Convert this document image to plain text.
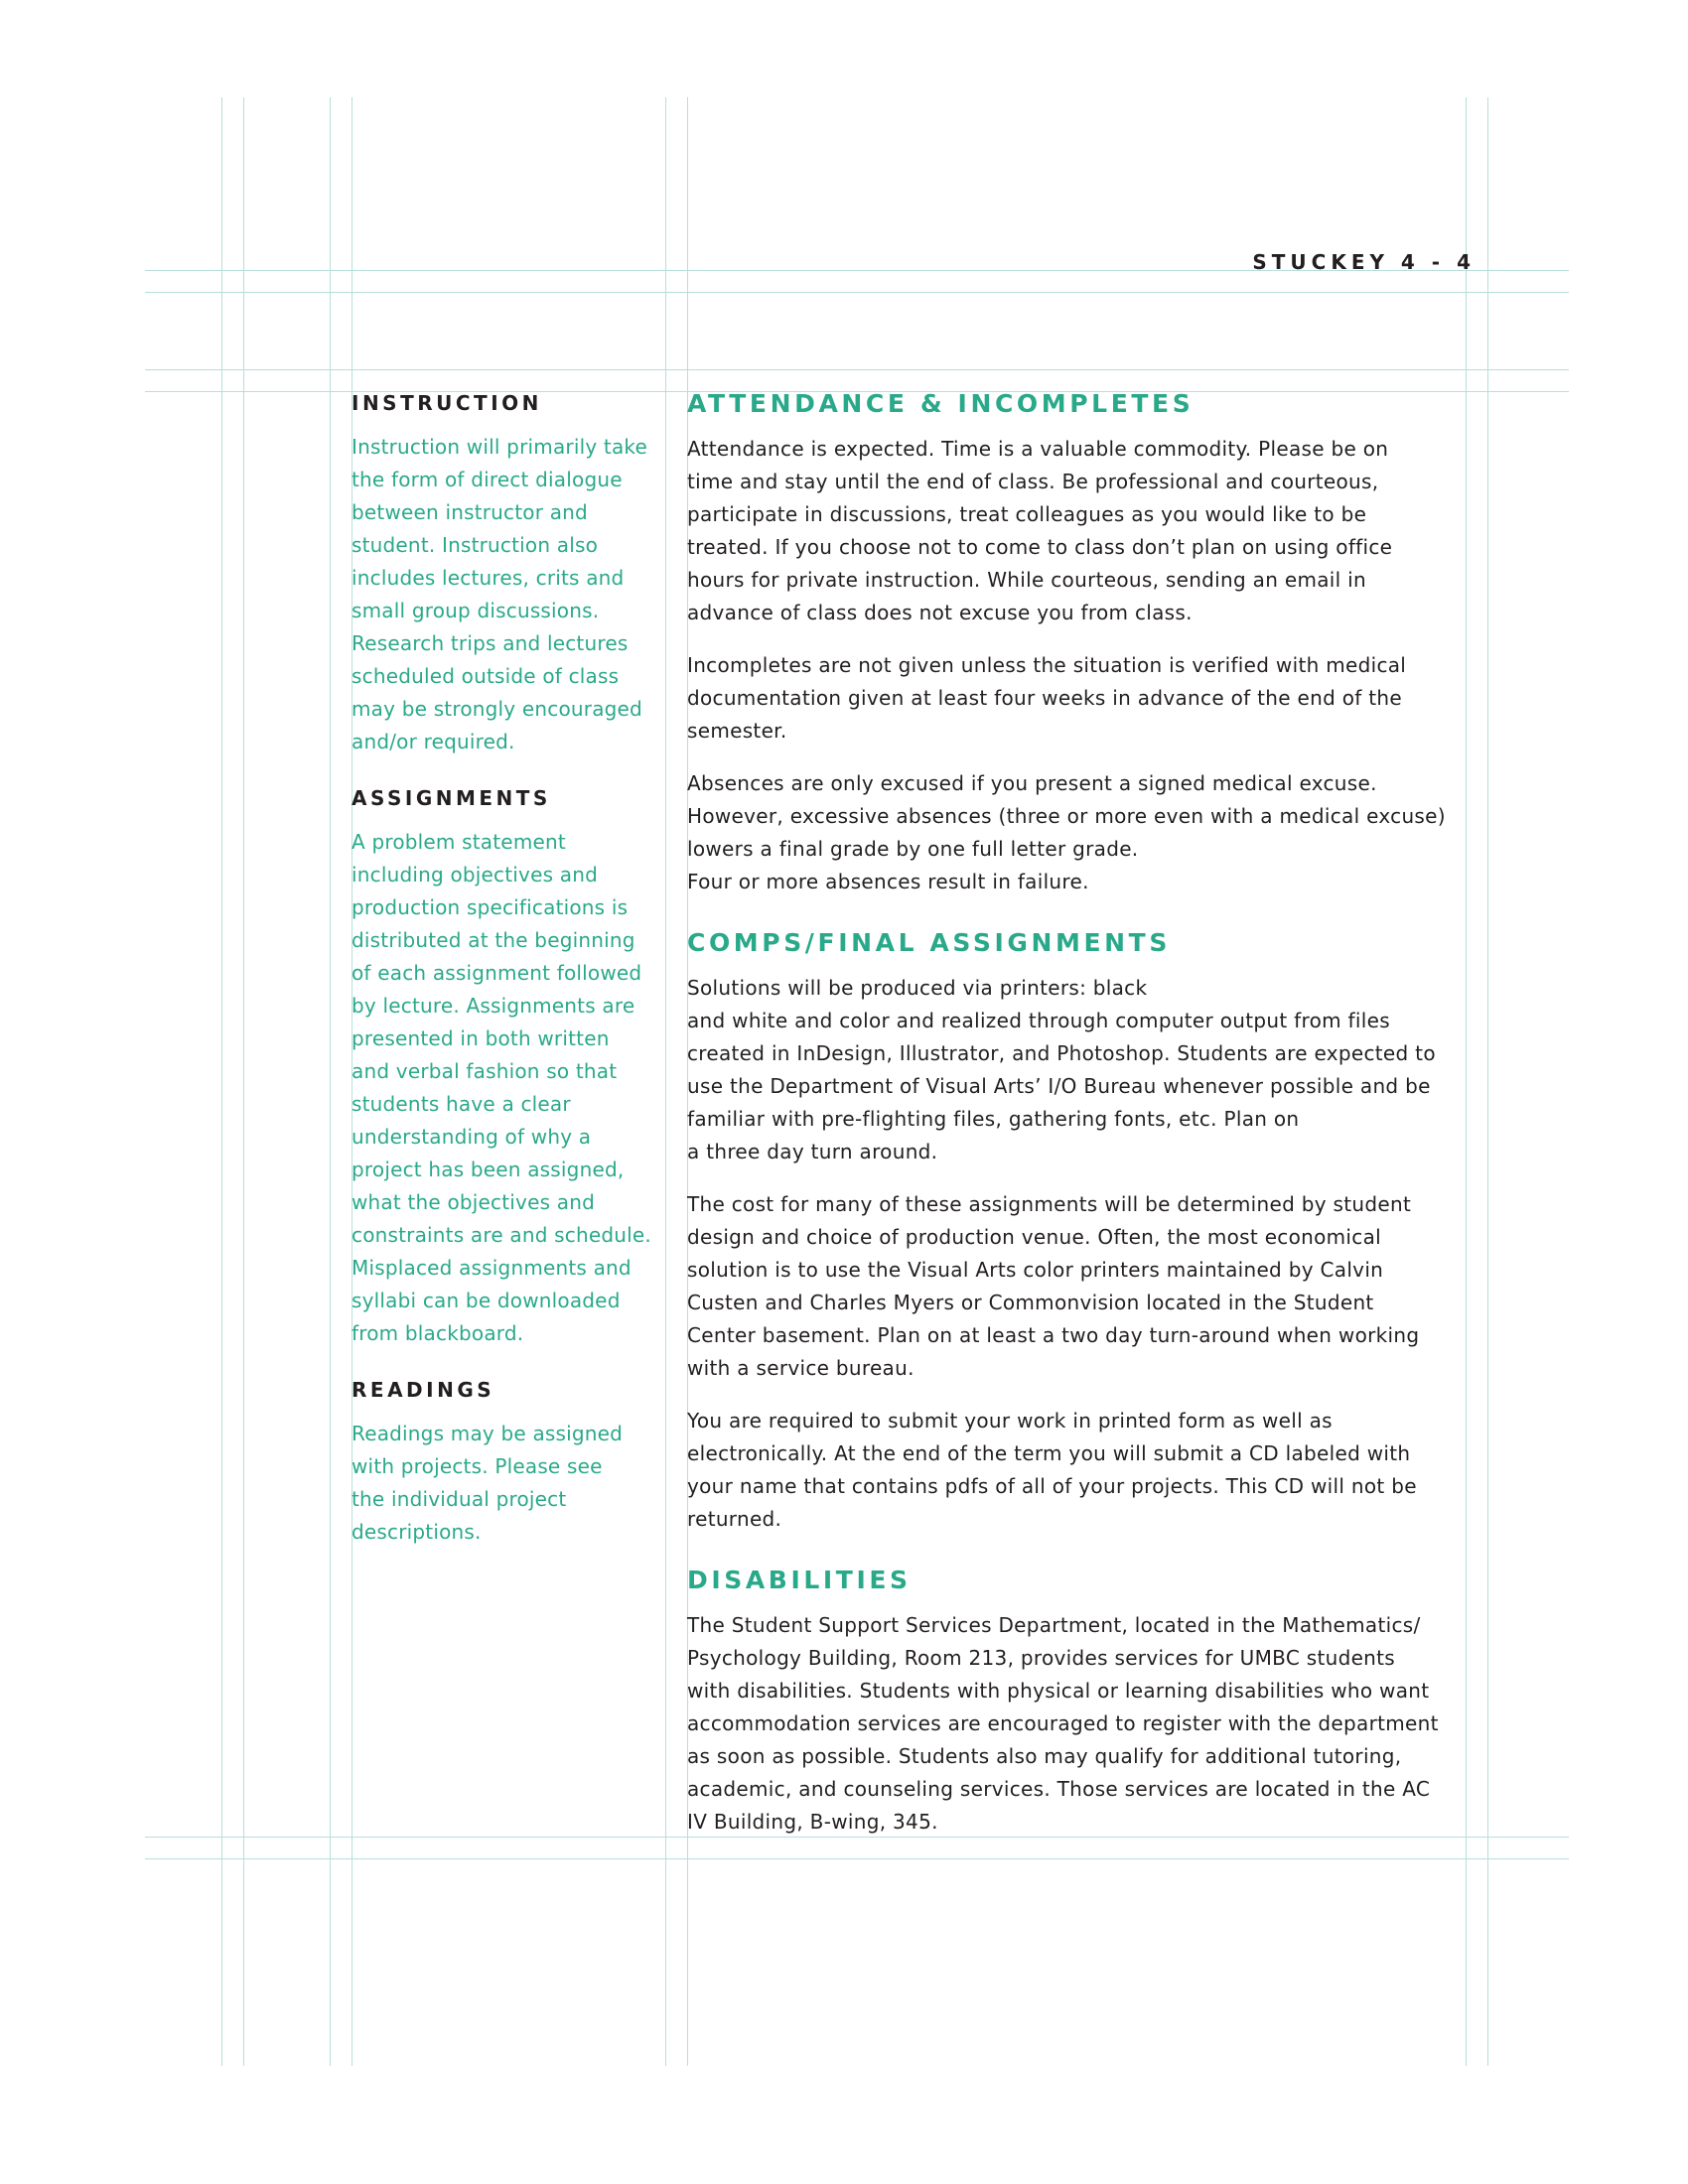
STUCKEY 4 - 4
INSTRUCTION

Instruction will primarily take
the form of direct dialogue
between instructor and
student. Instruction also
includes lectures, crits and
small group discussions.
Research trips and lectures
scheduled outside of class
may be strongly encouraged
and/or required.

ASSIGNMENTS

A problem statement
including objectives and
production specifications is
distributed at the beginning
of each assignment followed
by lecture. Assignments are
presented in both written
and verbal fashion so that
students have a clear
understanding of why a
project has been assigned,
what the objectives and
constraints are and schedule.
Misplaced assignments and
syllabi can be downloaded
from blackboard.

READINGS

Readings may be assigned
with projects. Please see
the individual project
descriptions.

ATTENDANCE & INCOMPLETES

Attendance is expected. Time is a valuable commodity. Please be on
time and stay until the end of class. Be professional and courteous,
participate in discussions, treat colleagues as you would like to be
treated. If you choose not to come to class don’t plan on using office
hours for private instruction. While courteous, sending an email in
advance of class does not excuse you from class.

Incompletes are not given unless the situation is verified with medical
documentation given at least four weeks in advance of the end of the
semester.

Absences are only excused if you present a signed medical excuse.
However, excessive absences (three or more even with a medical excuse)
lowers a final grade by one full letter grade.
Four or more absences result in failure.

COMPS/FINAL ASSIGNMENTS

Solutions will be produced via printers: black
and white and color and realized through computer output from files
created in InDesign, Illustrator, and Photoshop. Students are expected to
use the Department of Visual Arts’ I/O Bureau whenever possible and be
familiar with pre-flighting files, gathering fonts, etc. Plan on
a three day turn around.

The cost for many of these assignments will be determined by student
design and choice of production venue. Often, the most economical
solution is to use the Visual Arts color printers maintained by Calvin
Custen and Charles Myers or Commonvision located in the Student
Center basement. Plan on at least a two day turn-around when working
with a service bureau.

You are required to submit your work in printed form as well as
electronically. At the end of the term you will submit a CD labeled with
your name that contains pdfs of all of your projects. This CD will not be
returned.

DISABILITIES

The Student Support Services Department, located in the Mathematics/
Psychology Building, Room 213, provides services for UMBC students
with disabilities. Students with physical or learning disabilities who want
accommodation services are encouraged to register with the department
as soon as possible. Students also may qualify for additional tutoring,
academic, and counseling services. Those services are located in the AC
IV Building, B-wing, 345.
